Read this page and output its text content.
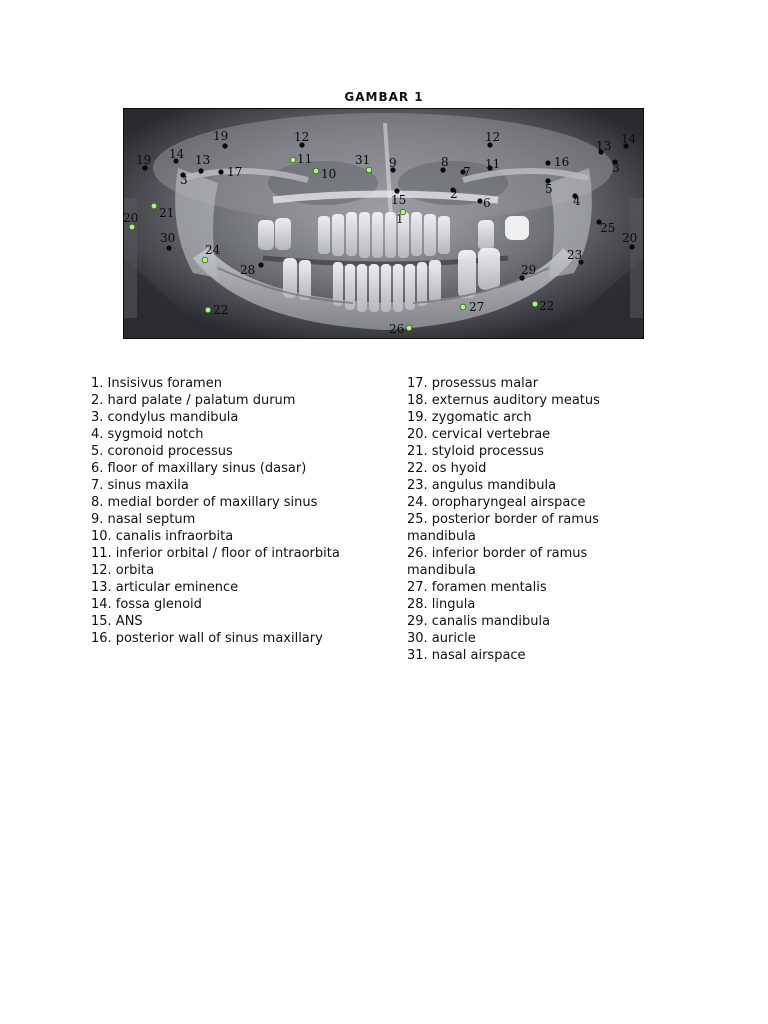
GAMBAR 1
19 14
3
13
19
17
12
11
10
31 9
15
1
8
7
2
6
12
11	16
5
4
13 14
3
25
20
23
29
22
27
26
22
28
24
30
21
20
1. Insisivus foramen
2. hard palate / palatum durum
3. condylus mandibula
4. sygmoid notch
5. coronoid processus
6. floor of maxillary sinus (dasar)
7. sinus maxila
8. medial border of maxillary sinus
9. nasal septum
10. canalis infraorbita
11. inferior orbital / floor of intraorbita
12. orbita
13. articular eminence
14. fossa glenoid
15. ANS
16. posterior wall of sinus maxillary
17. prosessus malar
18. externus auditory meatus
19. zygomatic arch
20. cervical vertebrae
21. styloid processus
22. os hyoid
23. angulus mandibula
24. oropharyngeal airspace
25. posterior border of ramus mandibula
26. inferior border of ramus mandibula
27. foramen mentalis
28. lingula
29. canalis mandibula
30. auricle
31. nasal airspace
